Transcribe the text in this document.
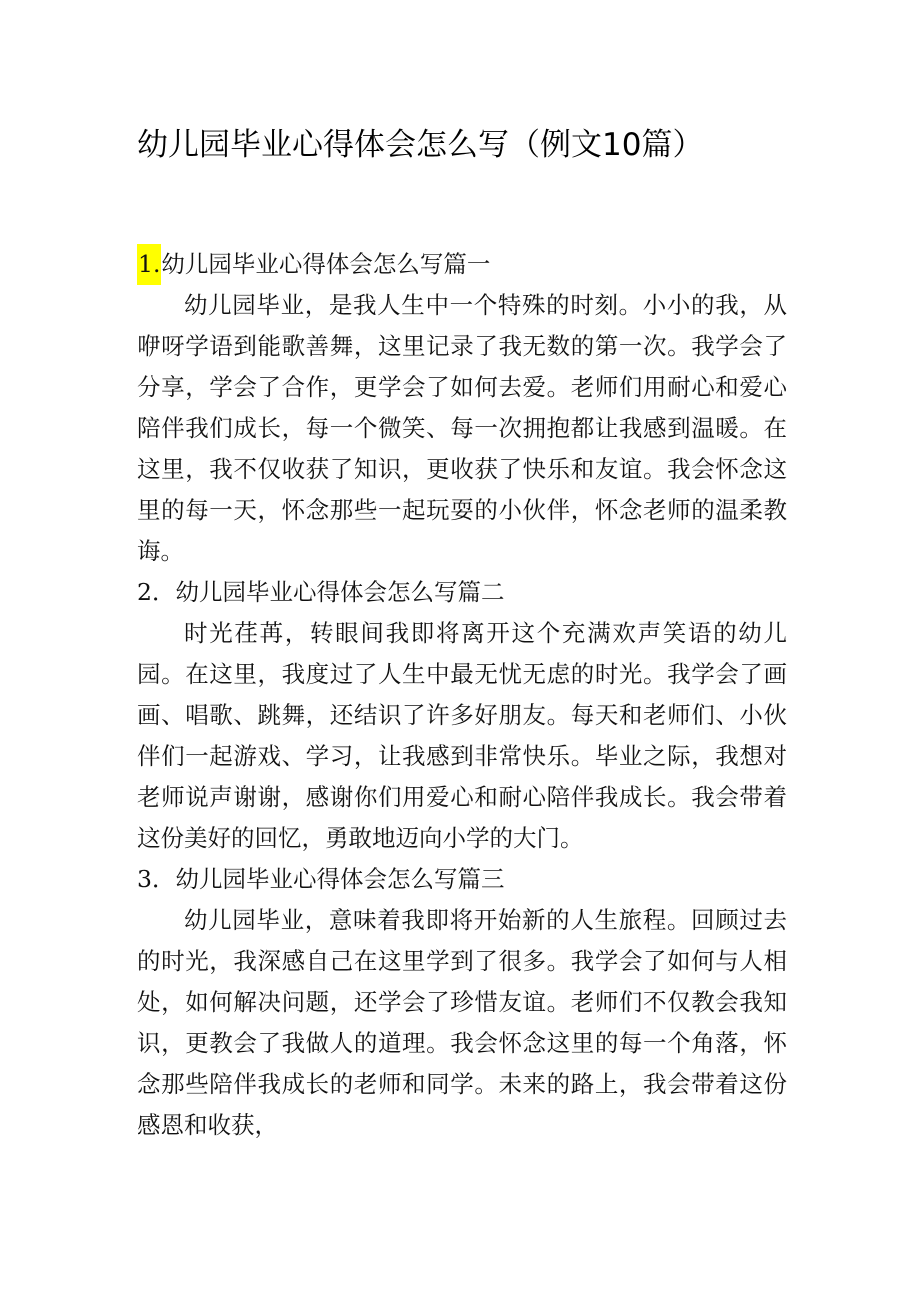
幼儿园毕业心得体会怎么写（例文10篇）
1.幼儿园毕业心得体会怎么写篇一

幼儿园毕业，是我人生中一个特殊的时刻。小小的我，从咿呀学语到能歌善舞，这里记录了我无数的第一次。我学会了分享，学会了合作，更学会了如何去爱。老师们用耐心和爱心陪伴我们成长，每一个微笑、每一次拥抱都让我感到温暖。在这里，我不仅收获了知识，更收获了快乐和友谊。我会怀念这里的每一天，怀念那些一起玩耍的小伙伴，怀念老师的温柔教诲。

2．幼儿园毕业心得体会怎么写篇二

时光荏苒，转眼间我即将离开这个充满欢声笑语的幼儿园。在这里，我度过了人生中最无忧无虑的时光。我学会了画画、唱歌、跳舞，还结识了许多好朋友。每天和老师们、小伙伴们一起游戏、学习，让我感到非常快乐。毕业之际，我想对老师说声谢谢，感谢你们用爱心和耐心陪伴我成长。我会带着这份美好的回忆，勇敢地迈向小学的大门。

3．幼儿园毕业心得体会怎么写篇三

幼儿园毕业，意味着我即将开始新的人生旅程。回顾过去的时光，我深感自己在这里学到了很多。我学会了如何与人相处，如何解决问题，还学会了珍惜友谊。老师们不仅教会我知识，更教会了我做人的道理。我会怀念这里的每一个角落，怀念那些陪伴我成长的老师和同学。未来的路上，我会带着这份感恩和收获，
